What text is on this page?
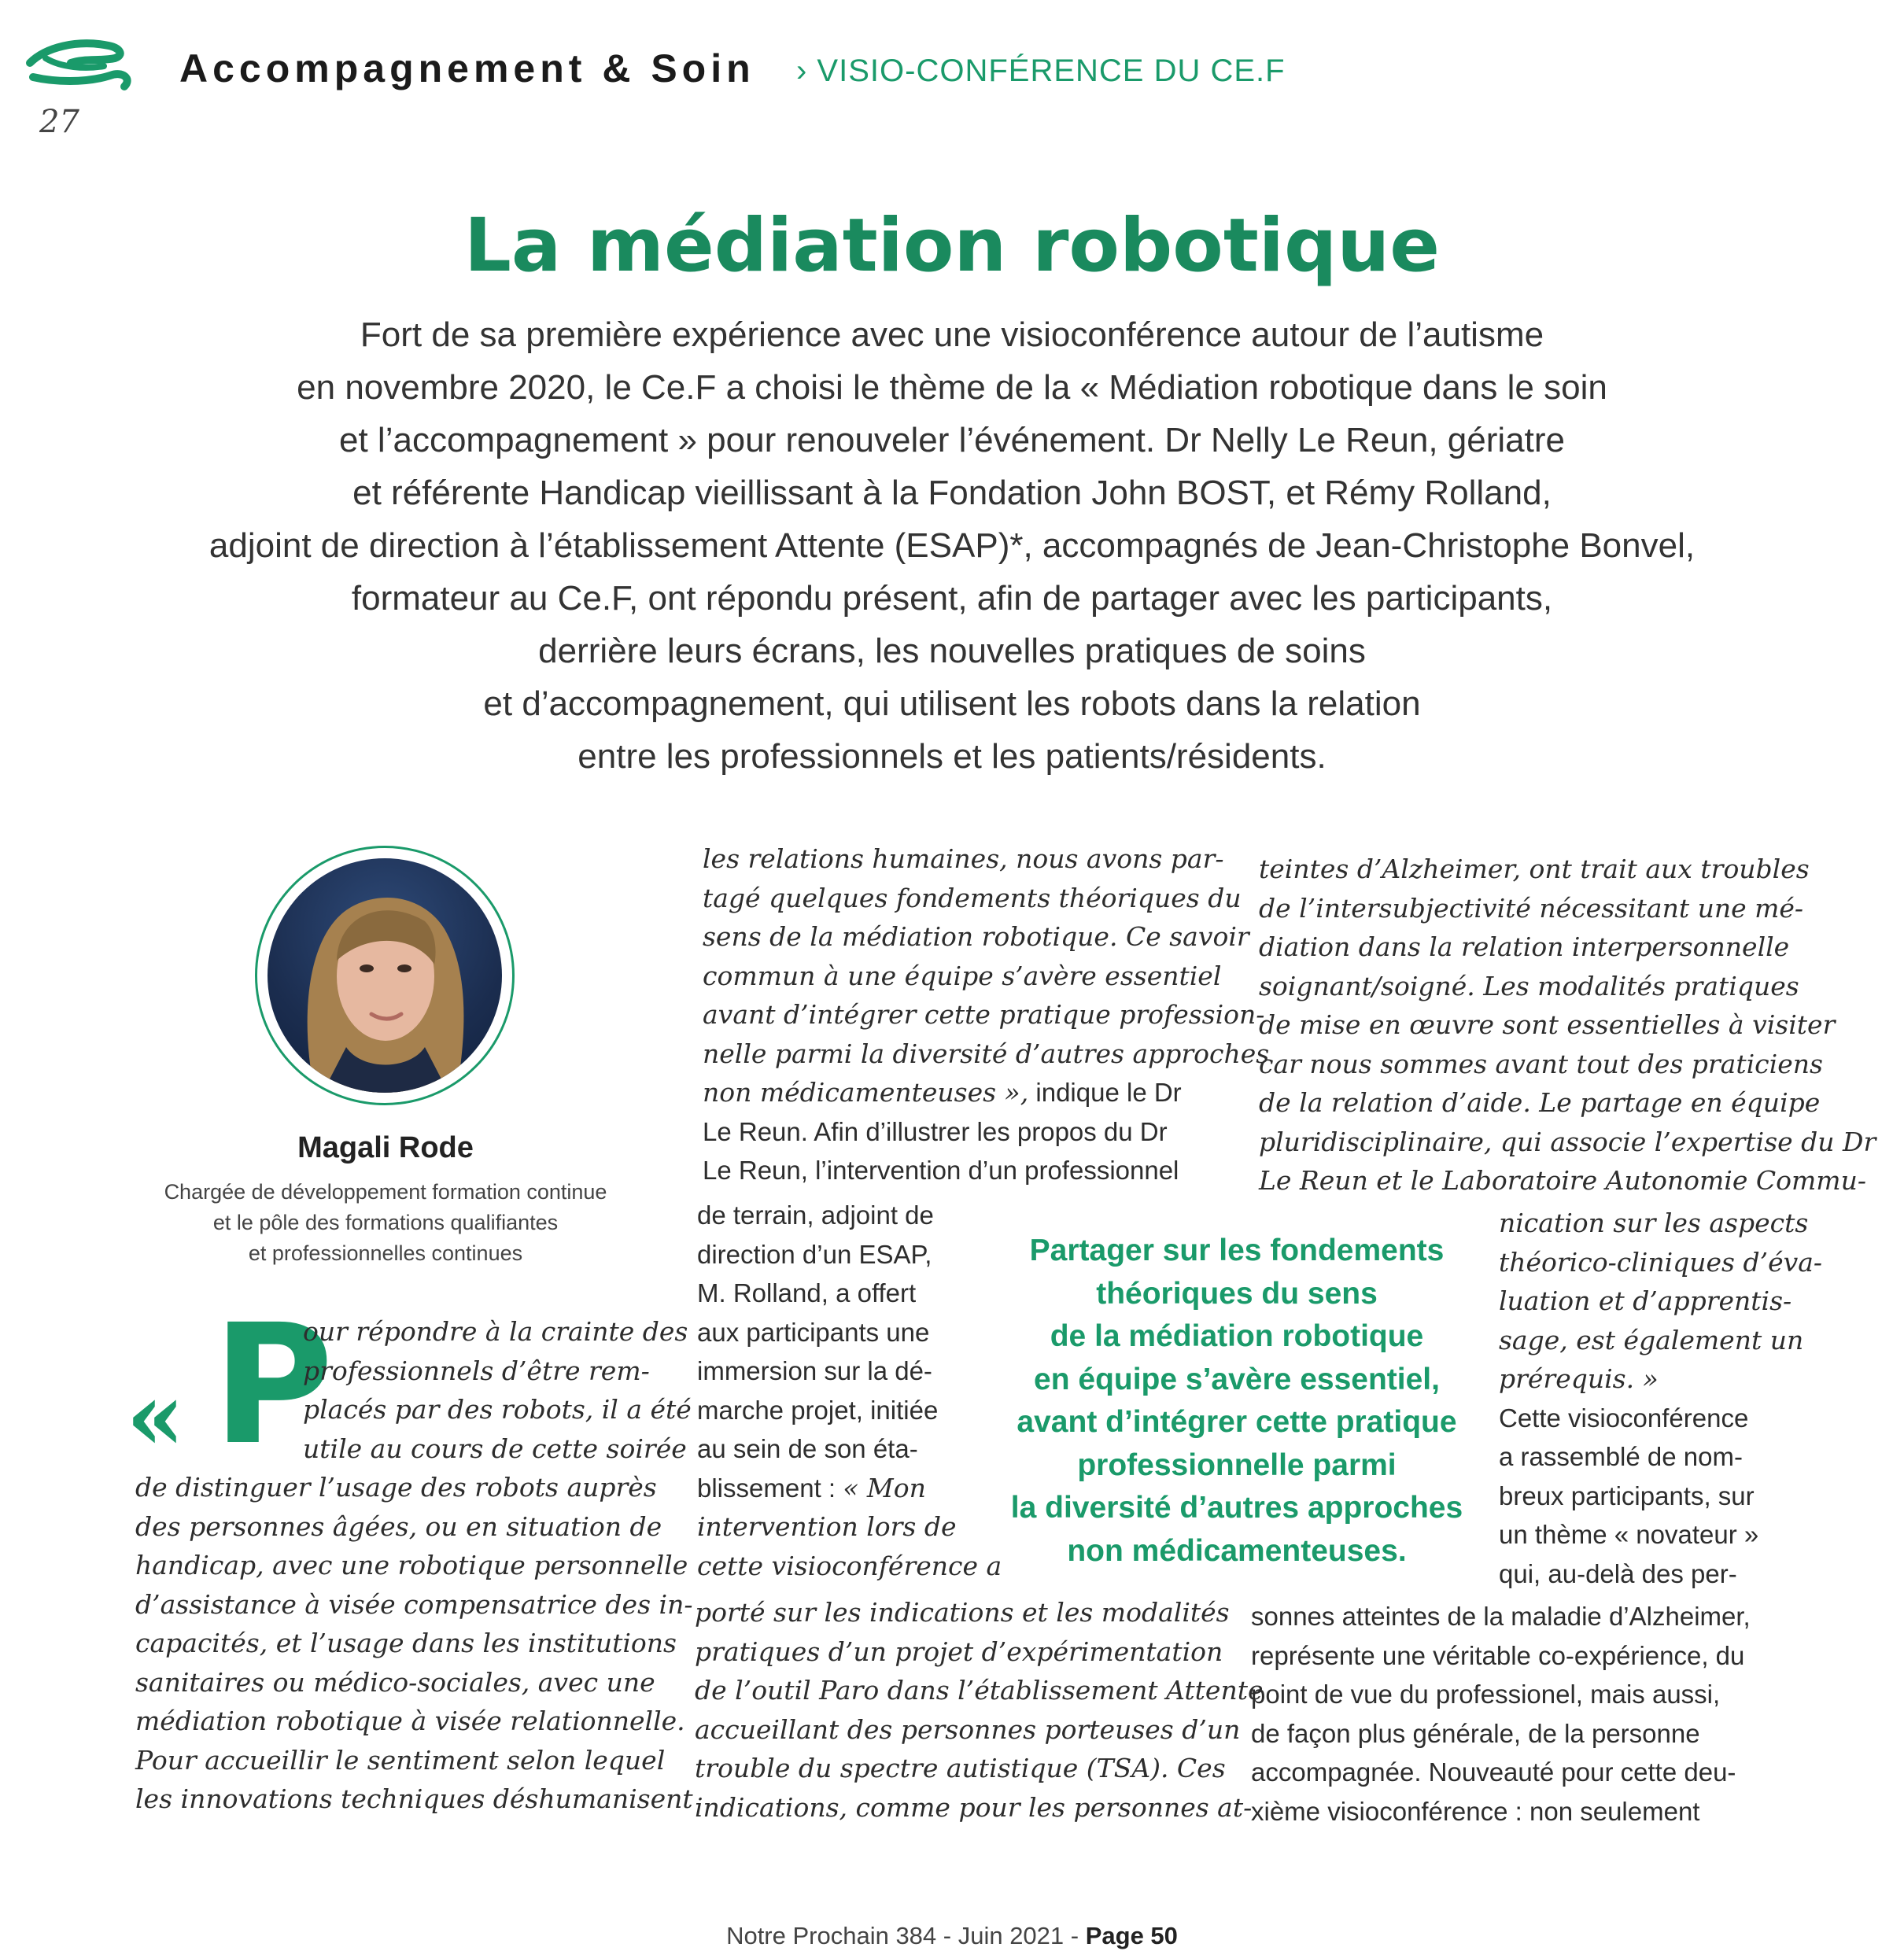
Accompagnement & Soin › VISIO-CONFÉRENCE DU CE.F
27
La médiation robotique
Fort de sa première expérience avec une visioconférence autour de l’autisme
en novembre 2020, le Ce.F a choisi le thème de la « Médiation robotique dans le soin
et l’accompagnement » pour renouveler l’événement. Dr Nelly Le Reun, gériatre
et référente Handicap vieillissant à la Fondation John BOST, et Rémy Rolland,
adjoint de direction à l’établissement Attente (ESAP)*, accompagnés de Jean-Christophe Bonvel,
formateur au Ce.F, ont répondu présent, afin de partager avec les participants,
derrière leurs écrans, les nouvelles pratiques de soins
et d’accompagnement, qui utilisent les robots dans la relation
entre les professionnels et les patients/résidents.
Magali Rode
Chargée de développement formation continue
et le pôle des formations qualifiantes
et professionnelles continues
« P
our répondre à la crainte des
professionnels d’être rem-
placés par des robots, il a été
utile au cours de cette soirée
de distinguer l’usage des robots auprès
des personnes âgées, ou en situation de
handicap, avec une robotique personnelle
d’assistance à visée compensatrice des in-
capacités, et l’usage dans les institutions
sanitaires ou médico-sociales, avec une
médiation robotique à visée relationnelle.
Pour accueillir le sentiment selon lequel
les innovations techniques déshumanisent
les relations humaines, nous avons par-
tagé quelques fondements théoriques du
sens de la médiation robotique. Ce savoir
commun à une équipe s’avère essentiel
avant d’intégrer cette pratique profession-
nelle parmi la diversité d’autres approches
non médicamenteuses », indique le Dr
Le Reun. Afin d’illustrer les propos du Dr
Le Reun, l’intervention d’un professionnel
de terrain, adjoint de
direction d’un ESAP,
M. Rolland, a offert
aux participants une
immersion sur la dé-
marche projet, initiée
au sein de son éta-
blissement : « Mon
intervention lors de
cette visioconférence a
porté sur les indications et les modalités
pratiques d’un projet d’expérimentation
de l’outil Paro dans l’établissement Attente
accueillant des personnes porteuses d’un
trouble du spectre autistique (TSA). Ces
indications, comme pour les personnes at-
Partager sur les fondements
théoriques du sens
de la médiation robotique
en équipe s’avère essentiel,
avant d’intégrer cette pratique
professionnelle parmi
la diversité d’autres approches
non médicamenteuses.
teintes d’Alzheimer, ont trait aux troubles
de l’intersubjectivité nécessitant une mé-
diation dans la relation interpersonnelle
soignant/soigné. Les modalités pratiques
de mise en œuvre sont essentielles à visiter
car nous sommes avant tout des praticiens
de la relation d’aide. Le partage en équipe
pluridisciplinaire, qui associe l’expertise du Dr
Le Reun et le Laboratoire Autonomie Commu-
nication sur les aspects
théorico-cliniques d’éva-
luation et d’apprentis-
sage, est également un
prérequis. »
Cette visioconférence
a rassemblé de nom-
breux participants, sur
un thème « novateur »
qui, au-delà des per-
sonnes atteintes de la maladie d’Alzheimer,
représente une véritable co-expérience, du
point de vue du professionel, mais aussi,
de façon plus générale, de la personne
accompagnée. Nouveauté pour cette deu-
xième visioconférence : non seulement
Notre Prochain 384 - Juin 2021 - Page 50
